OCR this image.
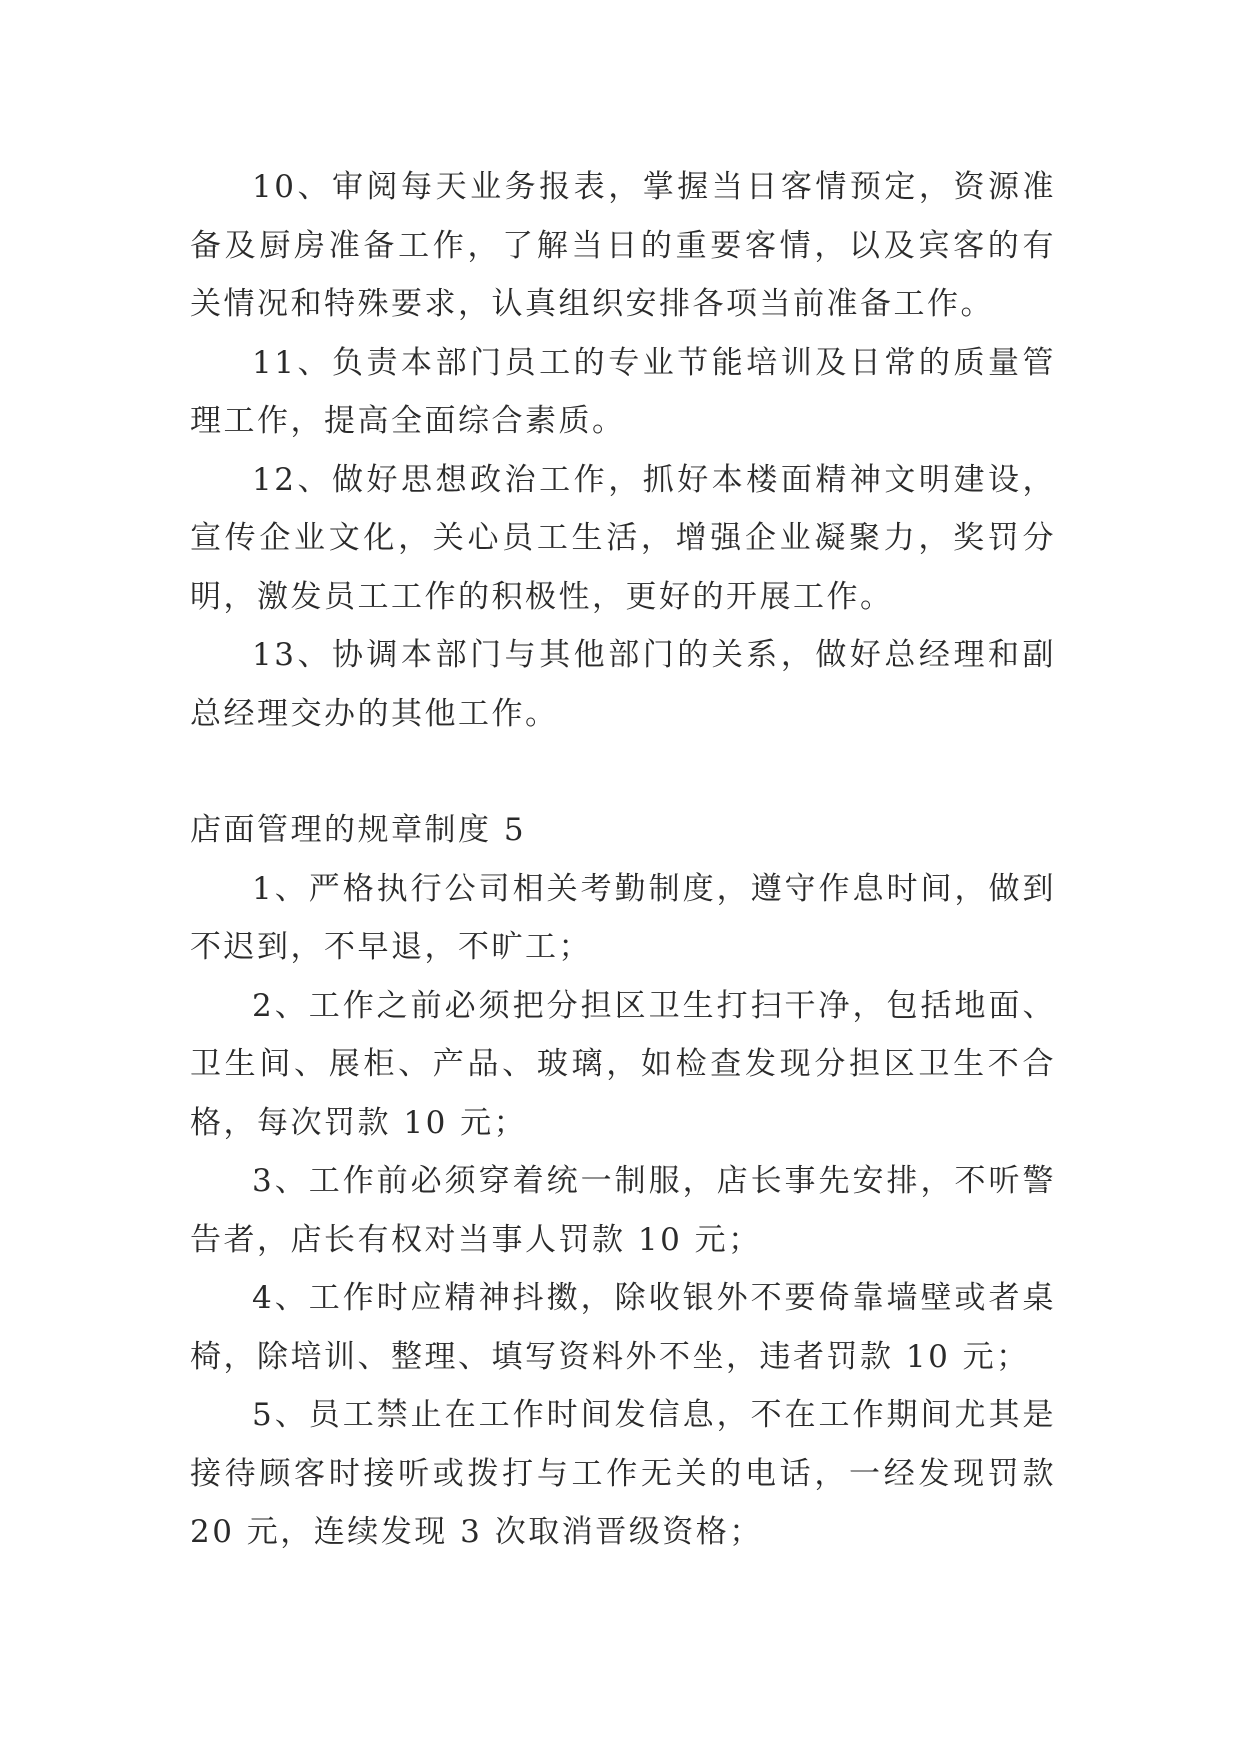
10、审阅每天业务报表，掌握当日客情预定，资源准备及厨房准备工作，了解当日的重要客情，以及宾客的有关情况和特殊要求，认真组织安排各项当前准备工作。

11、负责本部门员工的专业节能培训及日常的质量管理工作，提高全面综合素质。

12、做好思想政治工作，抓好本楼面精神文明建设，宣传企业文化，关心员工生活，增强企业凝聚力，奖罚分明，激发员工工作的积极性，更好的开展工作。

13、协调本部门与其他部门的关系，做好总经理和副总经理交办的其他工作。

店面管理的规章制度 5

1、严格执行公司相关考勤制度，遵守作息时间，做到不迟到，不早退，不旷工；

2、工作之前必须把分担区卫生打扫干净，包括地面、卫生间、展柜、产品、玻璃，如检查发现分担区卫生不合格，每次罚款 10 元；

3、工作前必须穿着统一制服，店长事先安排，不听警告者，店长有权对当事人罚款 10 元；

4、工作时应精神抖擞，除收银外不要倚靠墙壁或者桌椅，除培训、整理、填写资料外不坐，违者罚款 10 元；

5、员工禁止在工作时间发信息，不在工作期间尤其是接待顾客时接听或拨打与工作无关的电话，一经发现罚款 20 元，连续发现 3 次取消晋级资格；
